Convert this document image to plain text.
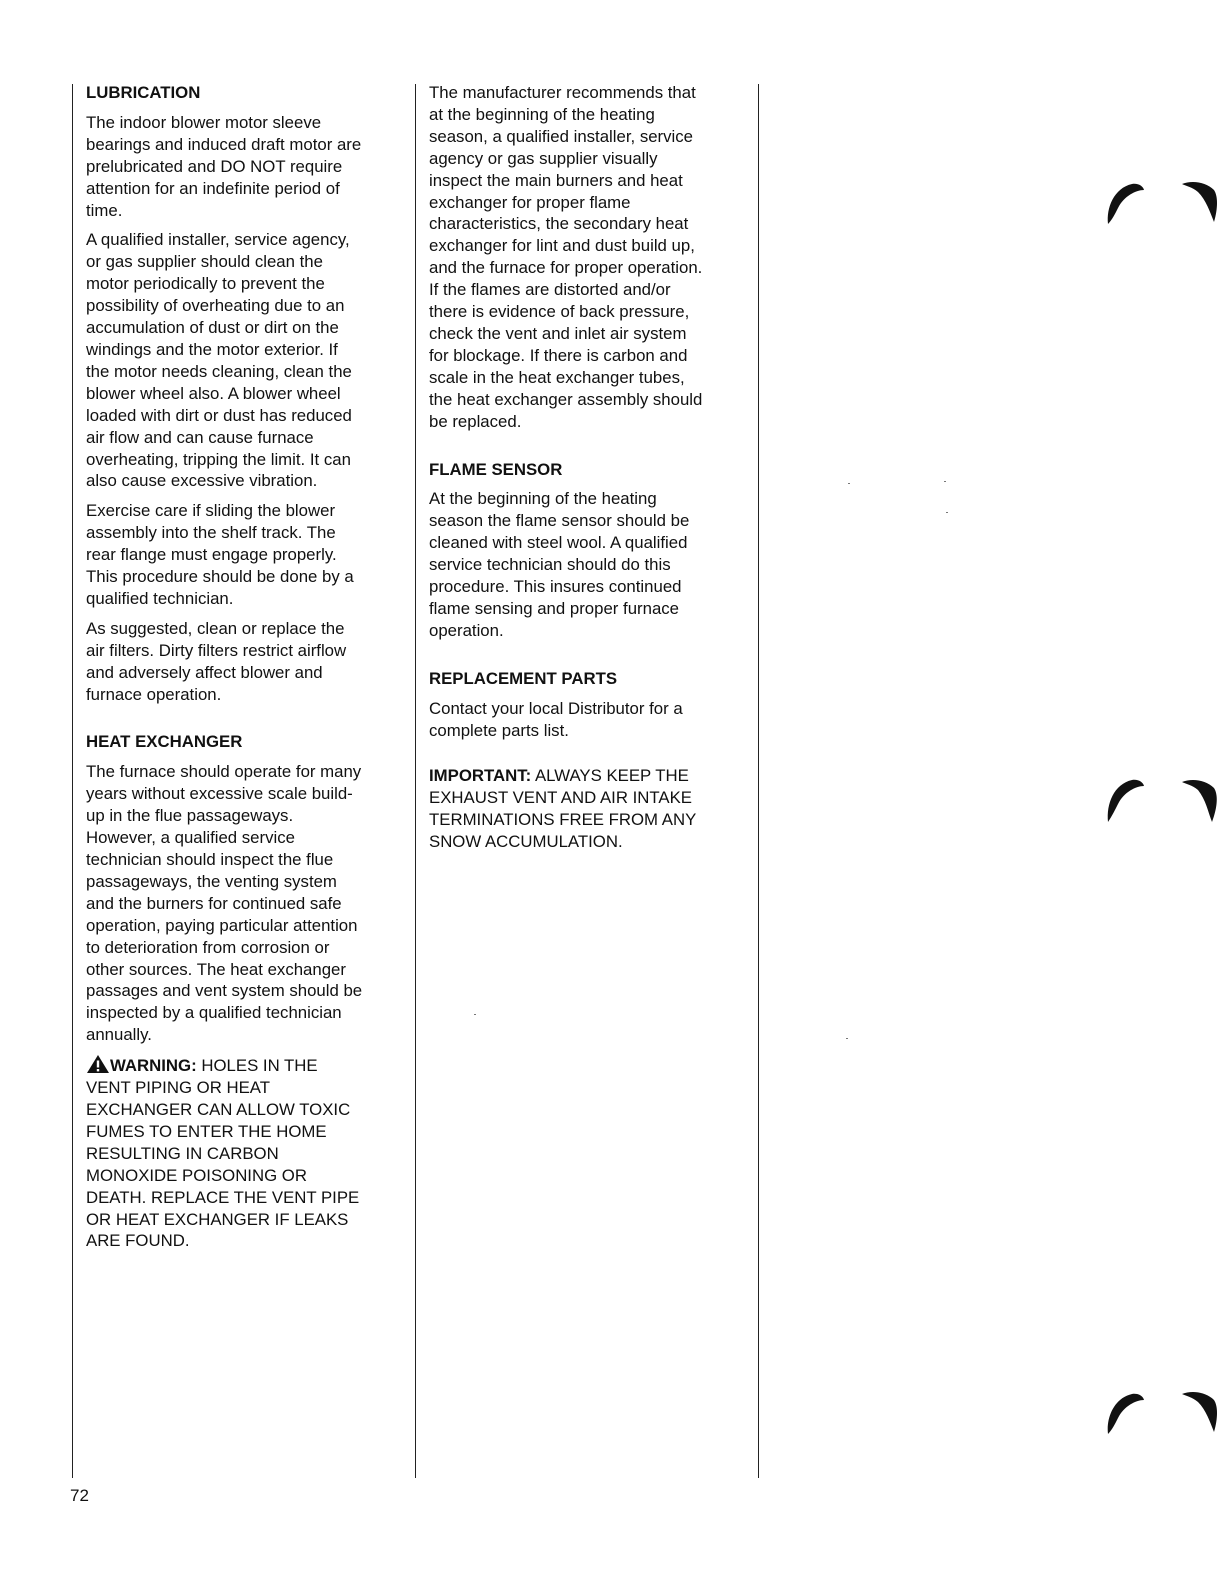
LUBRICATION

The indoor blower motor sleeve
bearings and induced draft motor are
prelubricated and DO NOT require
attention for an indefinite period of
time.

A qualified installer, service agency,
or gas supplier should clean the
motor periodically to prevent the
possibility of overheating due to an
accumulation of dust or dirt on the
windings and the motor exterior. If
the motor needs cleaning, clean the
blower wheel also. A blower wheel
loaded with dirt or dust has reduced
air flow and can cause furnace
overheating, tripping the limit. It can
also cause excessive vibration.

Exercise care if sliding the blower
assembly into the shelf track. The
rear flange must engage properly.
This procedure should be done by a
qualified technician.

As suggested, clean or replace the
air filters. Dirty filters restrict airflow
and adversely affect blower and
furnace operation.

HEAT EXCHANGER

The furnace should operate for many
years without excessive scale build-
up in the flue passageways.
However, a qualified service
technician should inspect the flue
passageways, the venting system
and the burners for continued safe
operation, paying particular attention
to deterioration from corrosion or
other sources. The heat exchanger
passages and vent system should be
inspected by a qualified technician
annually.

WARNING: HOLES IN THE
VENT PIPING OR HEAT
EXCHANGER CAN ALLOW TOXIC
FUMES TO ENTER THE HOME
RESULTING IN CARBON
MONOXIDE POISONING OR
DEATH. REPLACE THE VENT PIPE
OR HEAT EXCHANGER IF LEAKS
ARE FOUND.

The manufacturer recommends that
at the beginning of the heating
season, a qualified installer, service
agency or gas supplier visually
inspect the main burners and heat
exchanger for proper flame
characteristics, the secondary heat
exchanger for lint and dust build up,
and the furnace for proper operation.
If the flames are distorted and/or
there is evidence of back pressure,
check the vent and inlet air system
for blockage. If there is carbon and
scale in the heat exchanger tubes,
the heat exchanger assembly should
be replaced.

FLAME SENSOR

At the beginning of the heating
season the flame sensor should be
cleaned with steel wool. A qualified
service technician should do this
procedure. This insures continued
flame sensing and proper furnace
operation.

REPLACEMENT PARTS

Contact your local Distributor for a
complete parts list.

IMPORTANT: ALWAYS KEEP THE
EXHAUST VENT AND AIR INTAKE
TERMINATIONS FREE FROM ANY
SNOW ACCUMULATION.
72
